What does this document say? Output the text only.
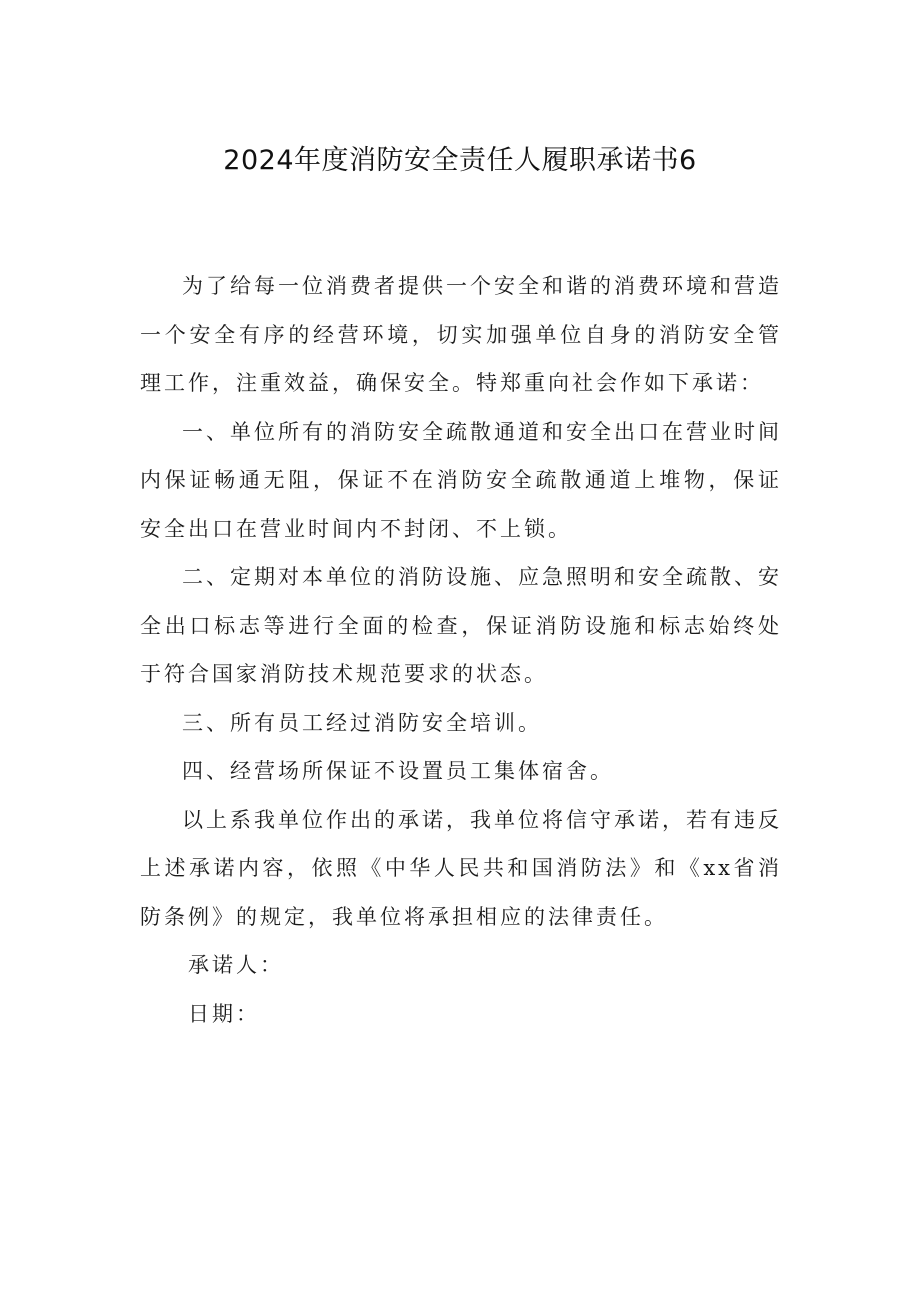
2024年度消防安全责任人履职承诺书6

为了给每一位消费者提供一个安全和谐的消费环境和营造一个安全有序的经营环境，切实加强单位自身的消防安全管理工作，注重效益，确保安全。特郑重向社会作如下承诺：

一、单位所有的消防安全疏散通道和安全出口在营业时间内保证畅通无阻，保证不在消防安全疏散通道上堆物，保证安全出口在营业时间内不封闭、不上锁。

二、定期对本单位的消防设施、应急照明和安全疏散、安全出口标志等进行全面的检查，保证消防设施和标志始终处于符合国家消防技术规范要求的状态。

三、所有员工经过消防安全培训。

四、经营场所保证不设置员工集体宿舍。

以上系我单位作出的承诺，我单位将信守承诺，若有违反上述承诺内容，依照《中华人民共和国消防法》和《xx省消防条例》的规定，我单位将承担相应的法律责任。

承诺人：

日期：
